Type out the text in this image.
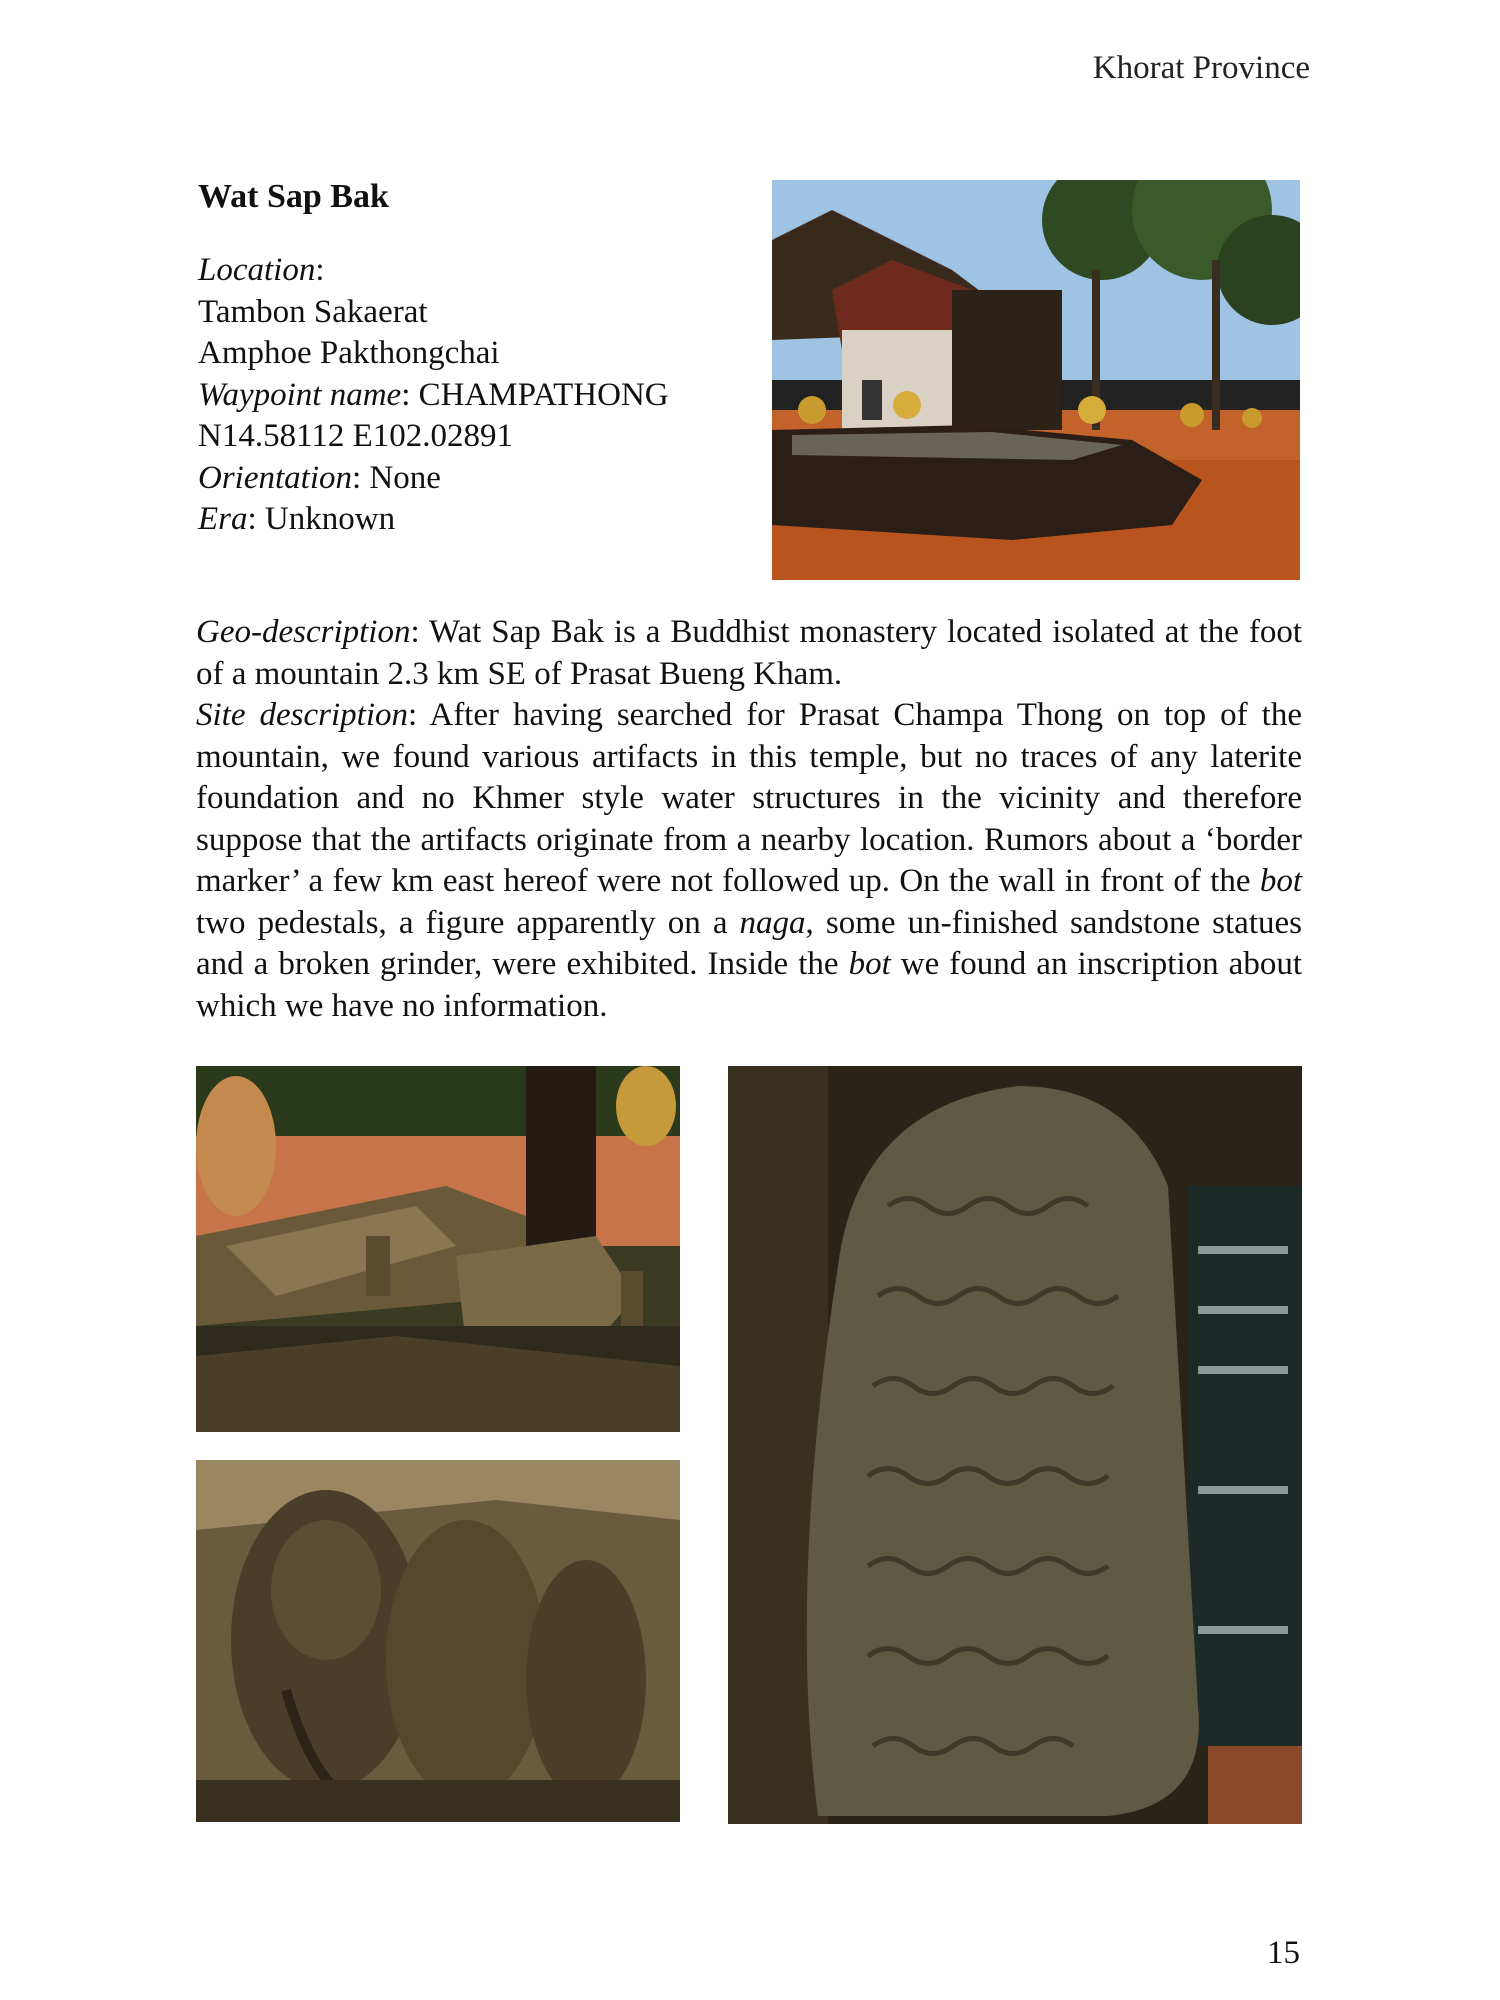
Khorat Province
Wat Sap Bak
Location:
Tambon Sakaerat
Amphoe Pakthongchai
Waypoint name: CHAMPATHONG
N14.58112 E102.02891
Orientation: None
Era: Unknown

Geo-description: Wat Sap Bak is a Buddhist monastery located isolated at the foot of a mountain 2.3 km SE of Prasat Bueng Kham.

Site description: After having searched for Prasat Champa Thong on top of the mountain, we found various artifacts in this temple, but no traces of any laterite foundation and no Khmer style water structures in the vicinity and therefore suppose that the artifacts originate from a nearby location. Rumors about a ‘border marker’ a few km east hereof were not followed up. On the wall in front of the bot two pedestals, a figure apparently on a naga, some un-finished sandstone statues and a broken grinder, were exhibited. Inside the bot we found an inscription about which we have no information.

15
